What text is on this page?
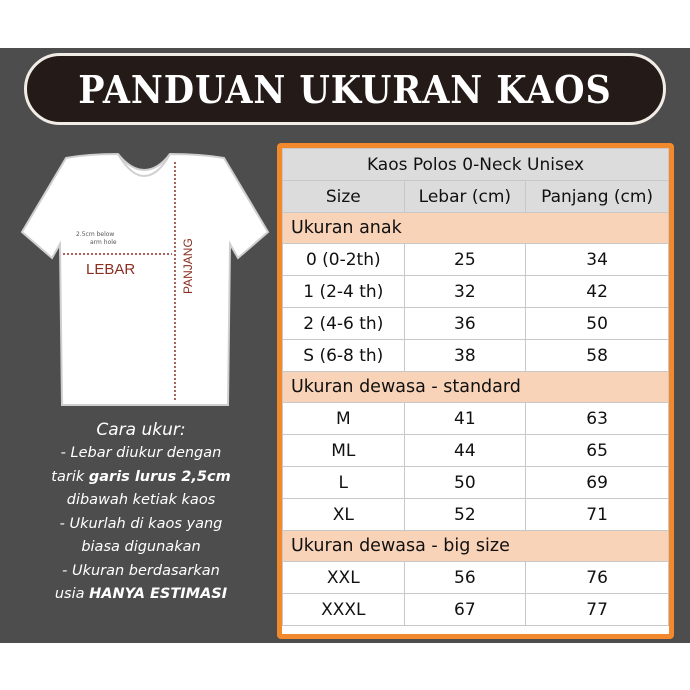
PANDUAN UKURAN KAOS
2.5cm below
arm hole
LEBAR	PANJANG
Cara ukur:
- Lebar diukur dengan
tarik garis lurus 2,5cm
dibawah ketiak kaos
- Ukurlah di kaos yang
biasa digunakan
- Ukuran berdasarkan
usia HANYA ESTIMASI
Kaos Polos 0-Neck Unisex		
Size	Lebar (cm)	Panjang (cm)
Ukuran anak		
0 (0-2th)	25	34
1 (2-4 th)	32	42
2 (4-6 th)	36	50
S (6-8 th)	38	58
Ukuran dewasa - standard		
M	41	63
ML	44	65
L	50	69
XL	52	71
Ukuran dewasa - big size		
XXL	56	76
XXXL	67	77
